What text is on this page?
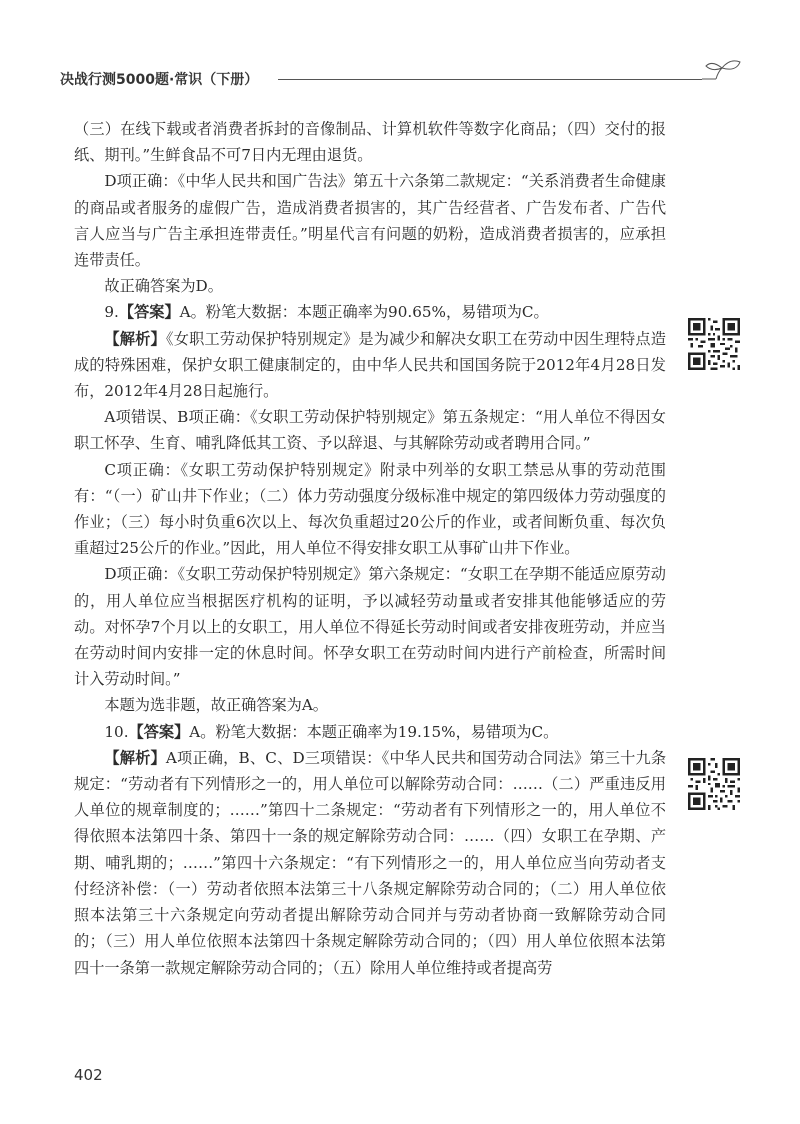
决战行测5000题·常识（下册）

（三）在线下载或者消费者拆封的音像制品、计算机软件等数字化商品；（四）交付的报纸、期刊。”生鲜食品不可7日内无理由退货。

D项正确：《中华人民共和国广告法》第五十六条第二款规定：“关系消费者生命健康的商品或者服务的虚假广告，造成消费者损害的，其广告经营者、广告发布者、广告代言人应当与广告主承担连带责任。”明星代言有问题的奶粉，造成消费者损害的，应承担连带责任。

故正确答案为D。

9.【答案】A。粉笔大数据：本题正确率为90.65%，易错项为C。

【解析】《女职工劳动保护特别规定》是为减少和解决女职工在劳动中因生理特点造成的特殊困难，保护女职工健康制定的，由中华人民共和国国务院于2012年4月28日发布，2012年4月28日起施行。

A项错误、B项正确：《女职工劳动保护特别规定》第五条规定：“用人单位不得因女职工怀孕、生育、哺乳降低其工资、予以辞退、与其解除劳动或者聘用合同。”

C项正确：《女职工劳动保护特别规定》附录中列举的女职工禁忌从事的劳动范围有：“（一）矿山井下作业；（二）体力劳动强度分级标准中规定的第四级体力劳动强度的作业；（三）每小时负重6次以上、每次负重超过20公斤的作业，或者间断负重、每次负重超过25公斤的作业。”因此，用人单位不得安排女职工从事矿山井下作业。

D项正确：《女职工劳动保护特别规定》第六条规定：“女职工在孕期不能适应原劳动的，用人单位应当根据医疗机构的证明，予以减轻劳动量或者安排其他能够适应的劳动。对怀孕7个月以上的女职工，用人单位不得延长劳动时间或者安排夜班劳动，并应当在劳动时间内安排一定的休息时间。怀孕女职工在劳动时间内进行产前检查，所需时间计入劳动时间。”

本题为选非题，故正确答案为A。

10.【答案】A。粉笔大数据：本题正确率为19.15%，易错项为C。

【解析】A项正确，B、C、D三项错误：《中华人民共和国劳动合同法》第三十九条规定：“劳动者有下列情形之一的，用人单位可以解除劳动合同：……（二）严重违反用人单位的规章制度的；……”第四十二条规定：“劳动者有下列情形之一的，用人单位不得依照本法第四十条、第四十一条的规定解除劳动合同：……（四）女职工在孕期、产期、哺乳期的；……”第四十六条规定：“有下列情形之一的，用人单位应当向劳动者支付经济补偿：（一）劳动者依照本法第三十八条规定解除劳动合同的；（二）用人单位依照本法第三十六条规定向劳动者提出解除劳动合同并与劳动者协商一致解除劳动合同的；（三）用人单位依照本法第四十条规定解除劳动合同的；（四）用人单位依照本法第四十一条第一款规定解除劳动合同的；（五）除用人单位维持或者提高劳

402
